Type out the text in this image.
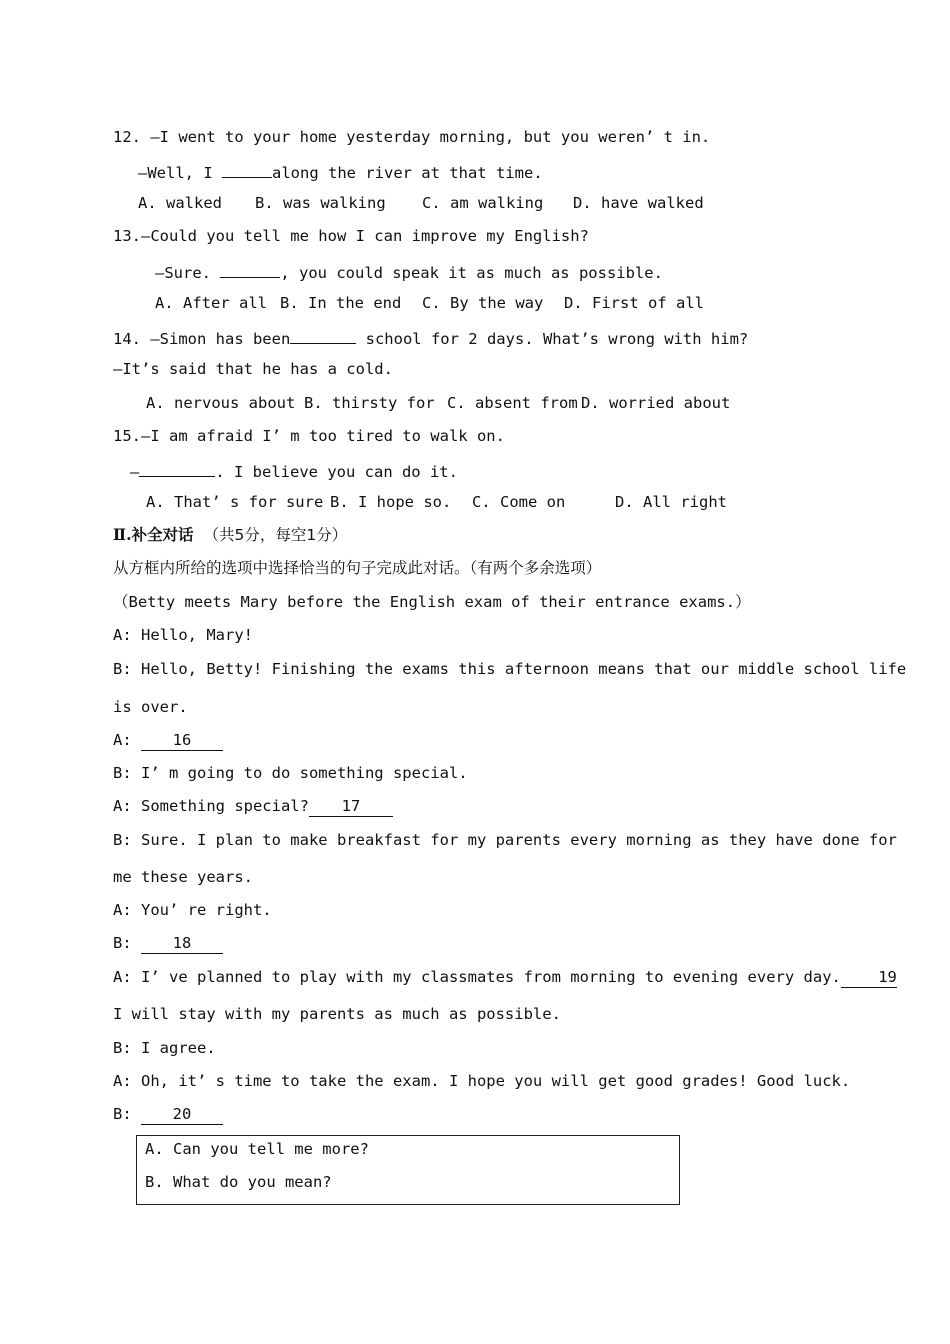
12. —I went to your home yesterday morning, but you weren’ t in.
—Well, I	along the river at that time.
A. walked B. was walking C. am walking D. have walked
13.—Could you tell me how I can improve my English?
—Sure.	, you could speak it as much as possible.
A. After all B. In the end C. By the way D. First of all
14. —Simon has been	school for 2 days. What’s wrong with him?
—It’s said that he has a cold.
A. nervous about B. thirsty for C. absent from D. worried about
15.—I am afraid I’ m too tired to walk on.
—	. I believe you can do it.
A. That’ s for sure B. I hope so. C. Come on	D. All right
Ⅱ.补全对话 （共5分，每空1分）
从方框内所给的选项中选择恰当的句子完成此对话。（有两个多余选项）
（Betty meets Mary before the English exam of their entrance exams.）
A: Hello, Mary!
B: Hello, Betty! Finishing the exams this afternoon means that our middle school life
is over.
A: 16
B: I’ m going to do something special.
A: Something special? 17
B: Sure. I plan to make breakfast for my parents every morning as they have done for
me these years.
A: You’ re right.
B: 18
A: I’ ve planned to play with my classmates from morning to evening every day. 19
I will stay with my parents as much as possible.
B: I agree.
A: Oh, it’ s time to take the exam. I hope you will get good grades! Good luck.
B: 20
A. Can you tell me more?
B. What do you mean?
